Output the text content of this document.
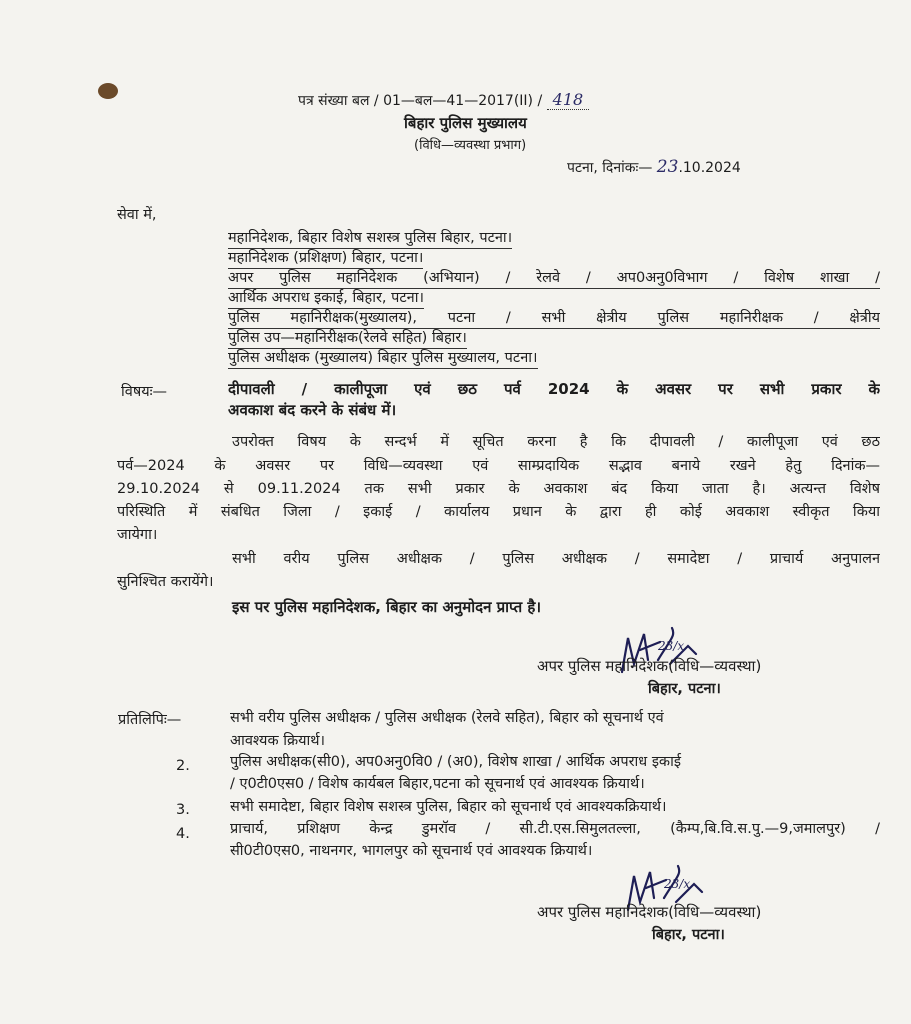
पत्र संख्या बल / 01—बल—41—2017(II) / 418
बिहार पुलिस मुख्यालय
(विधि—व्यवस्था प्रभाग)
पटना, दिनांकः— 23.10.2024
सेवा में,
महानिदेशक, बिहार विशेष सशस्त्र पुलिस बिहार, पटना।
महानिदेशक (प्रशिक्षण) बिहार, पटना।
अपर पुलिस महानिदेशक (अभियान) / रेलवे / अप0अनु0विभाग / विशेष शाखा /
आर्थिक अपराध इकाई, बिहार, पटना।
पुलिस महानिरीक्षक(मुख्यालय), पटना / सभी क्षेत्रीय पुलिस महानिरीक्षक / क्षेत्रीय
पुलिस उप—महानिरीक्षक(रेलवे सहित) बिहार।
पुलिस अधीक्षक (मुख्यालय) बिहार पुलिस मुख्यालय, पटना।
विषयः—	दीपावली / कालीपूजा एवं छठ पर्व 2024 के अवसर पर सभी प्रकार के
अवकाश बंद करने के संबंध में।
उपरोक्त विषय के सन्दर्भ में सूचित करना है कि दीपावली / कालीपूजा एवं छठ
पर्व—2024 के अवसर पर विधि—व्यवस्था एवं साम्प्रदायिक सद्भाव बनाये रखने हेतु दिनांक—
29.10.2024 से 09.11.2024 तक सभी प्रकार के अवकाश बंद किया जाता है। अत्यन्त विशेष
परिस्थिति में संबधित जिला / इकाई / कार्यालय प्रधान के द्वारा ही कोई अवकाश स्वीकृत किया
जायेगा।
सभी वरीय पुलिस अधीक्षक / पुलिस अधीक्षक / समादेष्टा / प्राचार्य अनुपालन
सुनिश्चित करायेंगे।
इस पर पुलिस महानिदेशक, बिहार का अनुमोदन प्राप्त है।
23/x
अपर पुलिस महानिदेशक(विधि—व्यवस्था)
बिहार, पटना।
प्रतिलिपिः—	सभी वरीय पुलिस अधीक्षक / पुलिस अधीक्षक (रेलवे सहित), बिहार को सूचनार्थ एवं
आवश्यक क्रियार्थ।
2.	पुलिस अधीक्षक(सी0), अप0अनु0वि0 / (अ0), विशेष शाखा / आर्थिक अपराध इकाई
/ ए0टी0एस0 / विशेष कार्यबल बिहार,पटना को सूचनार्थ एवं आवश्यक क्रियार्थ।
3.	सभी समादेष्टा, बिहार विशेष सशस्त्र पुलिस, बिहार को सूचनार्थ एवं आवश्यकक्रियार्थ।
4.	प्राचार्य, प्रशिक्षण केन्द्र डुमरॉव / सी.टी.एस.सिमुलतल्ला, (कैम्प,बि.वि.स.पु.—9,जमालपुर) /
सी0टी0एस0, नाथनगर, भागलपुर को सूचनार्थ एवं आवश्यक क्रियार्थ।
23/x
अपर पुलिस महानिदेशक(विधि—व्यवस्था)
बिहार, पटना।
